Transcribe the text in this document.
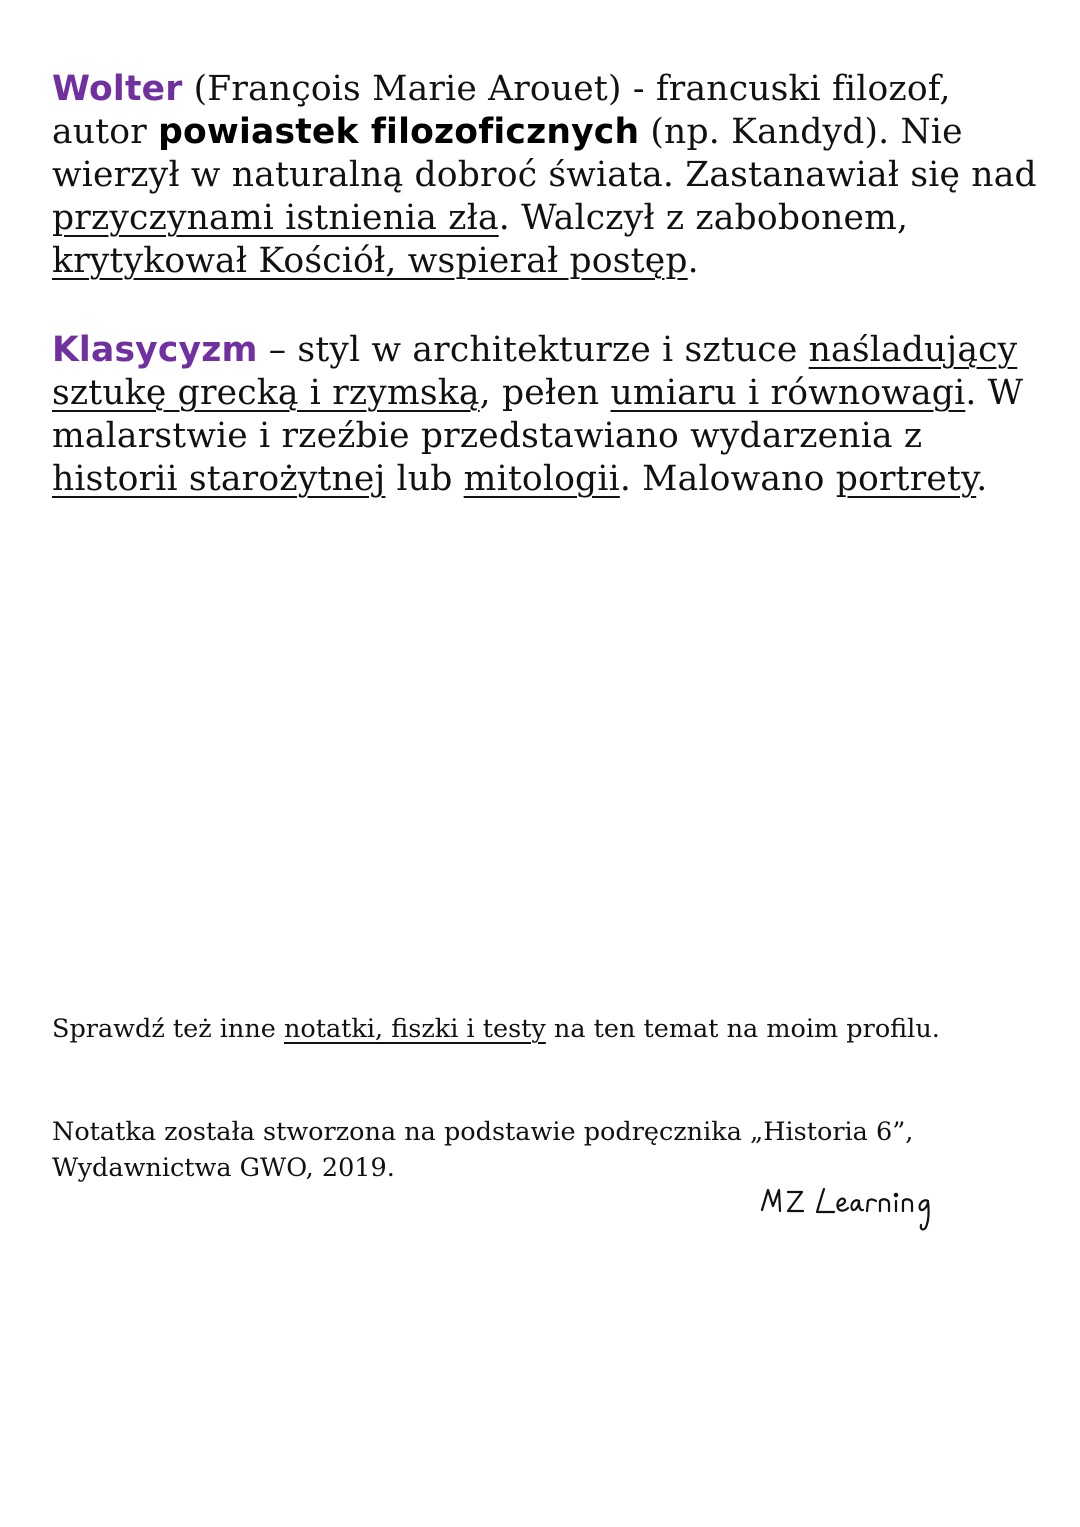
Wolter (François Marie Arouet) - francuski filozof, autor powiastek filozoficznych (np. Kandyd). Nie wierzył w naturalną dobroć świata. Zastanawiał się nad przyczynami istnienia zła. Walczył z zabobonem, krytykował Kościół, wspierał postęp.
Klasycyzm – styl w architekturze i sztuce naśladujący sztukę grecką i rzymską, pełen umiaru i równowagi. W malarstwie i rzeźbie przedstawiano wydarzenia z historii starożytnej lub mitologii. Malowano portrety.
Sprawdź też inne notatki, fiszki i testy na ten temat na moim profilu.
Notatka została stworzona na podstawie podręcznika „Historia 6”,
Wydawnictwa GWO, 2019.
